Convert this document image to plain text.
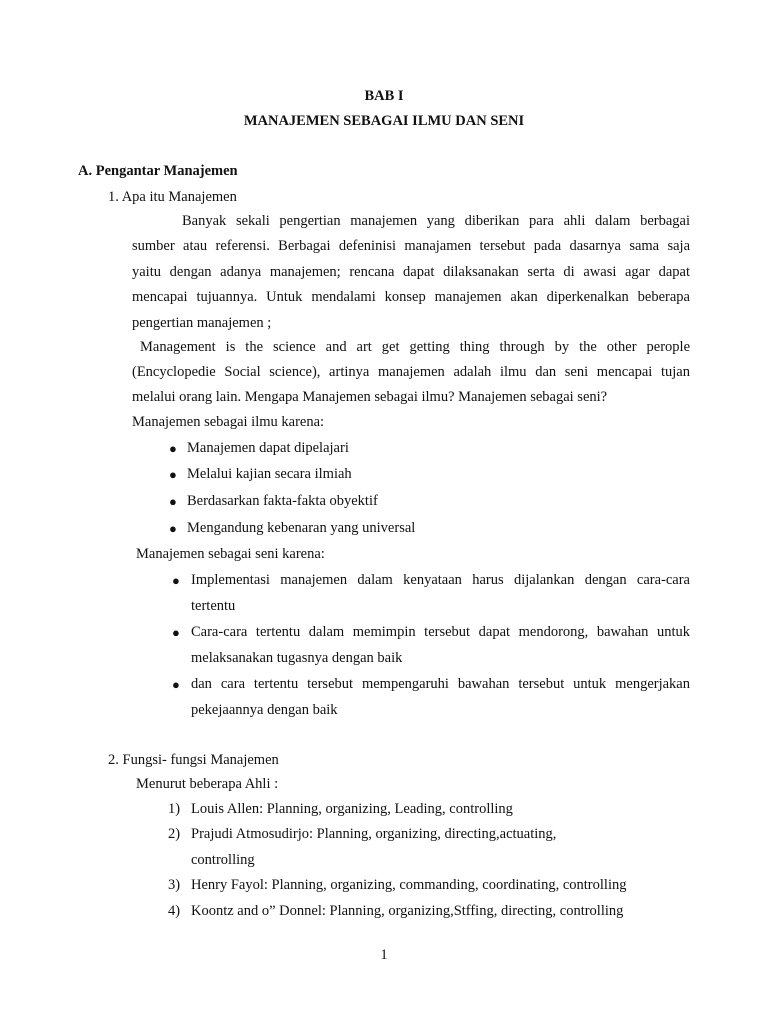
BAB I
MANAJEMEN SEBAGAI ILMU DAN SENI
A. Pengantar Manajemen
1. Apa itu Manajemen
Banyak sekali pengertian manajemen yang diberikan para ahli dalam berbagai
sumber atau referensi. Berbagai defeninisi manajamen tersebut pada dasarnya sama saja
yaitu dengan adanya manajemen; rencana dapat dilaksanakan serta di awasi agar dapat
mencapai tujuannya. Untuk mendalami konsep manajemen akan diperkenalkan beberapa
pengertian manajemen ;
Management is the science and art get getting thing through by the other perople
(Encyclopedie Social science), artinya manajemen adalah ilmu dan seni mencapai tujan
melalui orang lain. Mengapa Manajemen sebagai ilmu? Manajemen sebagai seni?
Manajemen sebagai ilmu karena:
● Manajemen dapat dipelajari
● Melalui kajian secara ilmiah
● Berdasarkan fakta-fakta obyektif
● Mengandung kebenaran yang universal
Manajemen sebagai seni karena:
● Implementasi manajemen dalam kenyataan harus dijalankan dengan cara-cara
tertentu
● Cara-cara tertentu dalam memimpin tersebut dapat mendorong, bawahan untuk
melaksanakan tugasnya dengan baik
● dan cara tertentu tersebut mempengaruhi bawahan tersebut untuk mengerjakan
pekejaannya dengan baik
2. Fungsi- fungsi Manajemen
Menurut beberapa Ahli :
1) Louis Allen: Planning, organizing, Leading, controlling
2) Prajudi Atmosudirjo: Planning, organizing, directing,actuating,
controlling
3) Henry Fayol: Planning, organizing, commanding, coordinating, controlling
4) Koontz and o” Donnel: Planning, organizing,Stffing, directing, controlling
1
